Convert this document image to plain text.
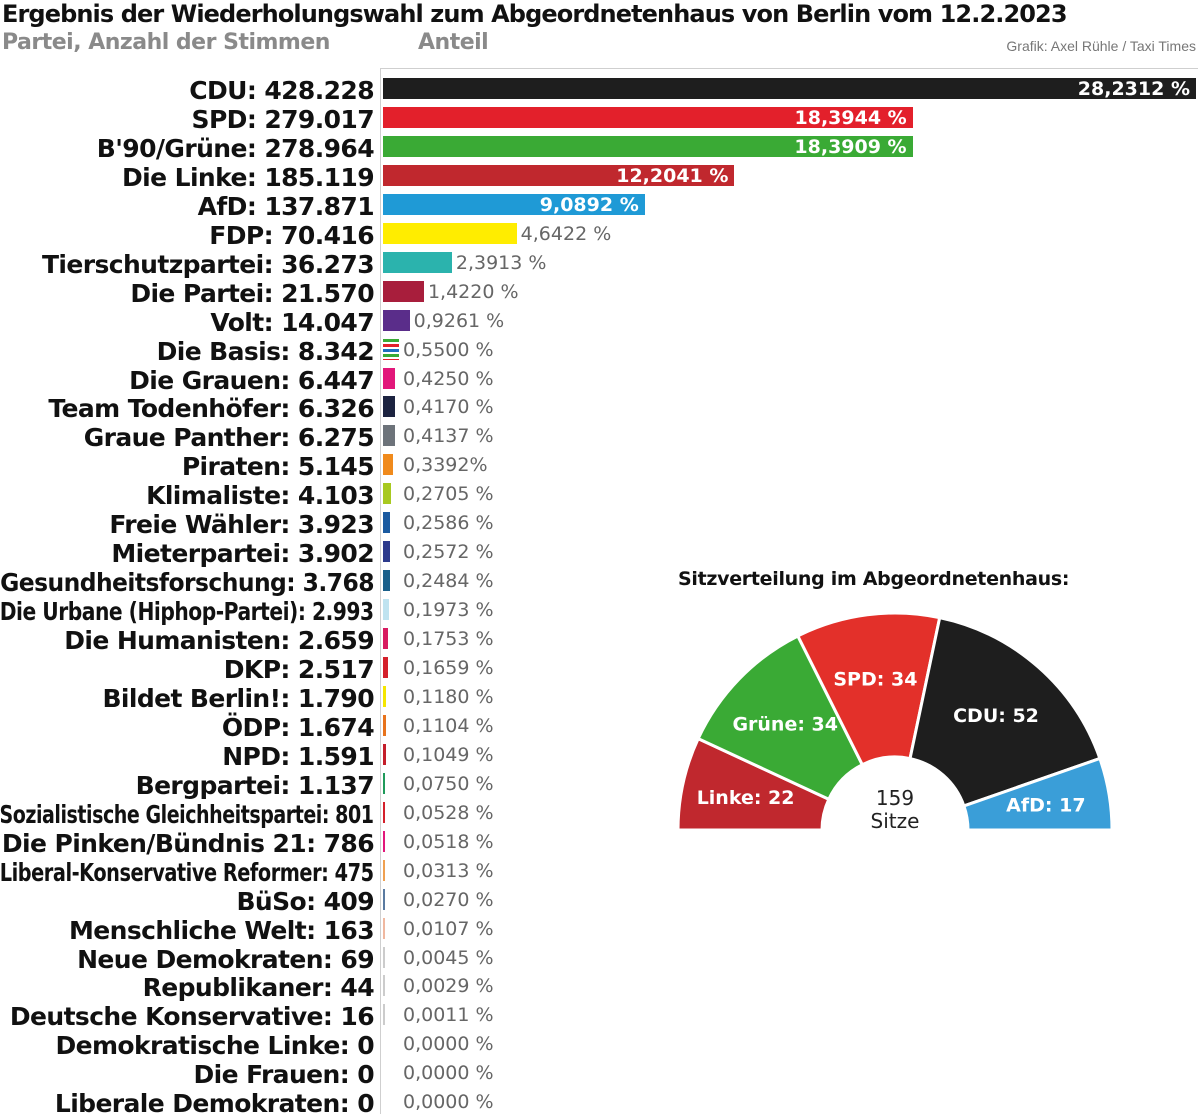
Ergebnis der Wiederholungswahl zum Abgeordnetenhaus von Berlin vom 12.2.2023
Partei, Anzahl der Stimmen	Anteil	Grafik: Axel Rühle / Taxi Times
CDU: 428.228	28,2312 %
SPD: 279.017	18,3944 %
B'90/Grüne: 278.964	18,3909 %
Die Linke: 185.119	12,2041 %
AfD: 137.871	9,0892 %
FDP: 70.416	4,6422 %
Tierschutzpartei: 36.273	2,3913 %
Die Partei: 21.570	1,4220 %
Volt: 14.047 0,9261 %
Die Basis: 8.342 0,5500 %
Die Grauen: 6.447 0,4250 %
Team Todenhöfer: 6.326 0,4170 %
Graue Panther: 6.275 0,4137 %
Piraten: 5.145 0,3392%
Klimaliste: 4.103 0,2705 %
Freie Wähler: 3.923 0,2586 %
Mieterpartei: 3.902 0,2572 %
Gesundheitsforschung: 3.768 0,2484 %
Die Urbane (Hiphop-Partei): 2.993 0,1973 %
Die Humanisten: 2.659 0,1753 %
DKP: 2.517 0,1659 %
Bildet Berlin!: 1.790 0,1180 %
ÖDP: 1.674 0,1104 %
NPD: 1.591 0,1049 %
Bergpartei: 1.137 0,0750 %
Sozialistische Gleichheitspartei: 801 0,0528 %
Die Pinken/Bündnis 21: 786 0,0518 %
Liberal-Konservative Reformer: 475 0,0313 %
BüSo: 409 0,0270 %
Menschliche Welt: 163 0,0107 %
Neue Demokraten: 69 0,0045 %
Republikaner: 44 0,0029 %
Deutsche Konservative: 16 0,0011 %
Demokratische Linke: 0 0,0000 %
Die Frauen: 0 0,0000 %
Liberale Demokraten: 0 0,0000 %
Sitzverteilung im Abgeordnetenhaus:
Linke: 22
Grüne: 34
SPD: 34
CDU: 52
AfD: 17
159
Sitze
